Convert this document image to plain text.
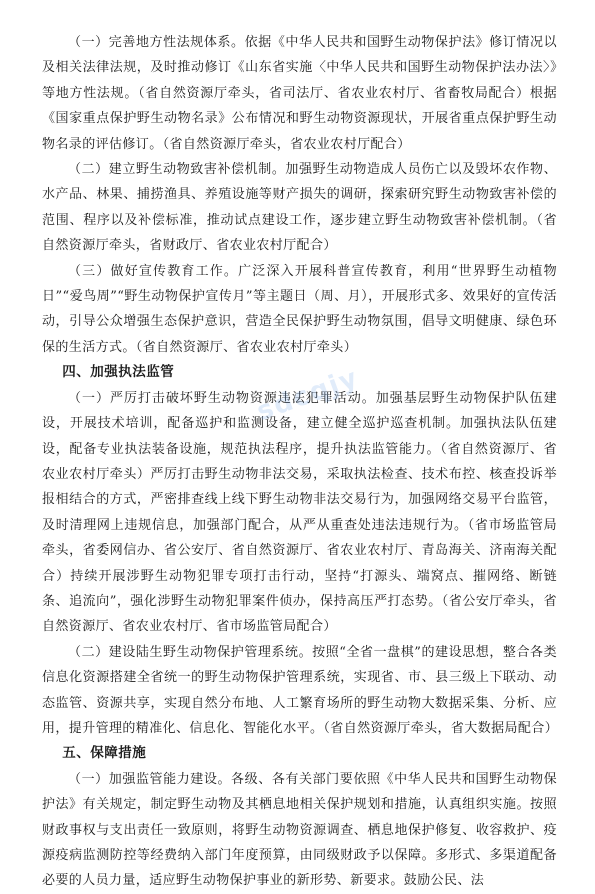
（一）完善地方性法规体系。依据《中华人民共和国野生动物保护法》修订情况以及相关法律法规，及时推动修订《山东省实施〈中华人民共和国野生动物保护法办法〉》等地方性法规。（省自然资源厅牵头，省司法厅、省农业农村厅、省畜牧局配合）根据《国家重点保护野生动物名录》公布情况和野生动物资源现状，开展省重点保护野生动物名录的评估修订。（省自然资源厅牵头，省农业农村厅配合）

（二）建立野生动物致害补偿机制。加强野生动物造成人员伤亡以及毁坏农作物、水产品、林果、捕捞渔具、养殖设施等财产损失的调研，探索研究野生动物致害补偿的范围、程序以及补偿标准，推动试点建设工作，逐步建立野生动物致害补偿机制。（省自然资源厅牵头，省财政厅、省农业农村厅配合）

（三）做好宣传教育工作。广泛深入开展科普宣传教育，利用“世界野生动植物日”“爱鸟周”“野生动物保护宣传月”等主题日（周、月），开展形式多、效果好的宣传活动，引导公众增强生态保护意识，营造全民保护野生动物氛围，倡导文明健康、绿色环保的生活方式。（省自然资源厅、省农业农村厅牵头）

四、加强执法监管

（一）严厉打击破坏野生动物资源违法犯罪活动。加强基层野生动物保护队伍建设，开展技术培训，配备巡护和监测设备，建立健全巡护巡查机制。加强执法队伍建设，配备专业执法装备设施，规范执法程序，提升执法监管能力。（省自然资源厅、省农业农村厅牵头）严厉打击野生动物非法交易，采取执法检查、技术布控、核查投诉举报相结合的方式，严密排查线上线下野生动物非法交易行为，加强网络交易平台监管，及时清理网上违规信息，加强部门配合，从严从重查处违法违规行为。（省市场监管局牵头，省委网信办、省公安厅、省自然资源厅、省农业农村厅、青岛海关、济南海关配合）持续开展涉野生动物犯罪专项打击行动，坚持“打源头、端窝点、摧网络、断链条、追流向”，强化涉野生动物犯罪案件侦办，保持高压严打态势。（省公安厅牵头，省自然资源厅、省农业农村厅、省市场监管局配合）

（二）建设陆生野生动物保护管理系统。按照“全省一盘棋”的建设思想，整合各类信息化资源搭建全省统一的野生动物保护管理系统，实现省、市、县三级上下联动、动态监管、资源共享，实现自然分布地、人工繁育场所的野生动物大数据采集、分析、应用，提升管理的精准化、信息化、智能化水平。（省自然资源厅牵头，省大数据局配合）

五、保障措施

（一）加强监管能力建设。各级、各有关部门要依照《中华人民共和国野生动物保护法》有关规定，制定野生动物及其栖息地相关保护规划和措施，认真组织实施。按照财政事权与支出责任一致原则，将野生动物资源调查、栖息地保护修复、收容救护、疫源疫病监测防控等经费纳入部门年度预算，由同级财政予以保障。多形式、多渠道配备必要的人员力量，适应野生动物保护事业的新形势、新要求。鼓励公民、法

sdcqjy
